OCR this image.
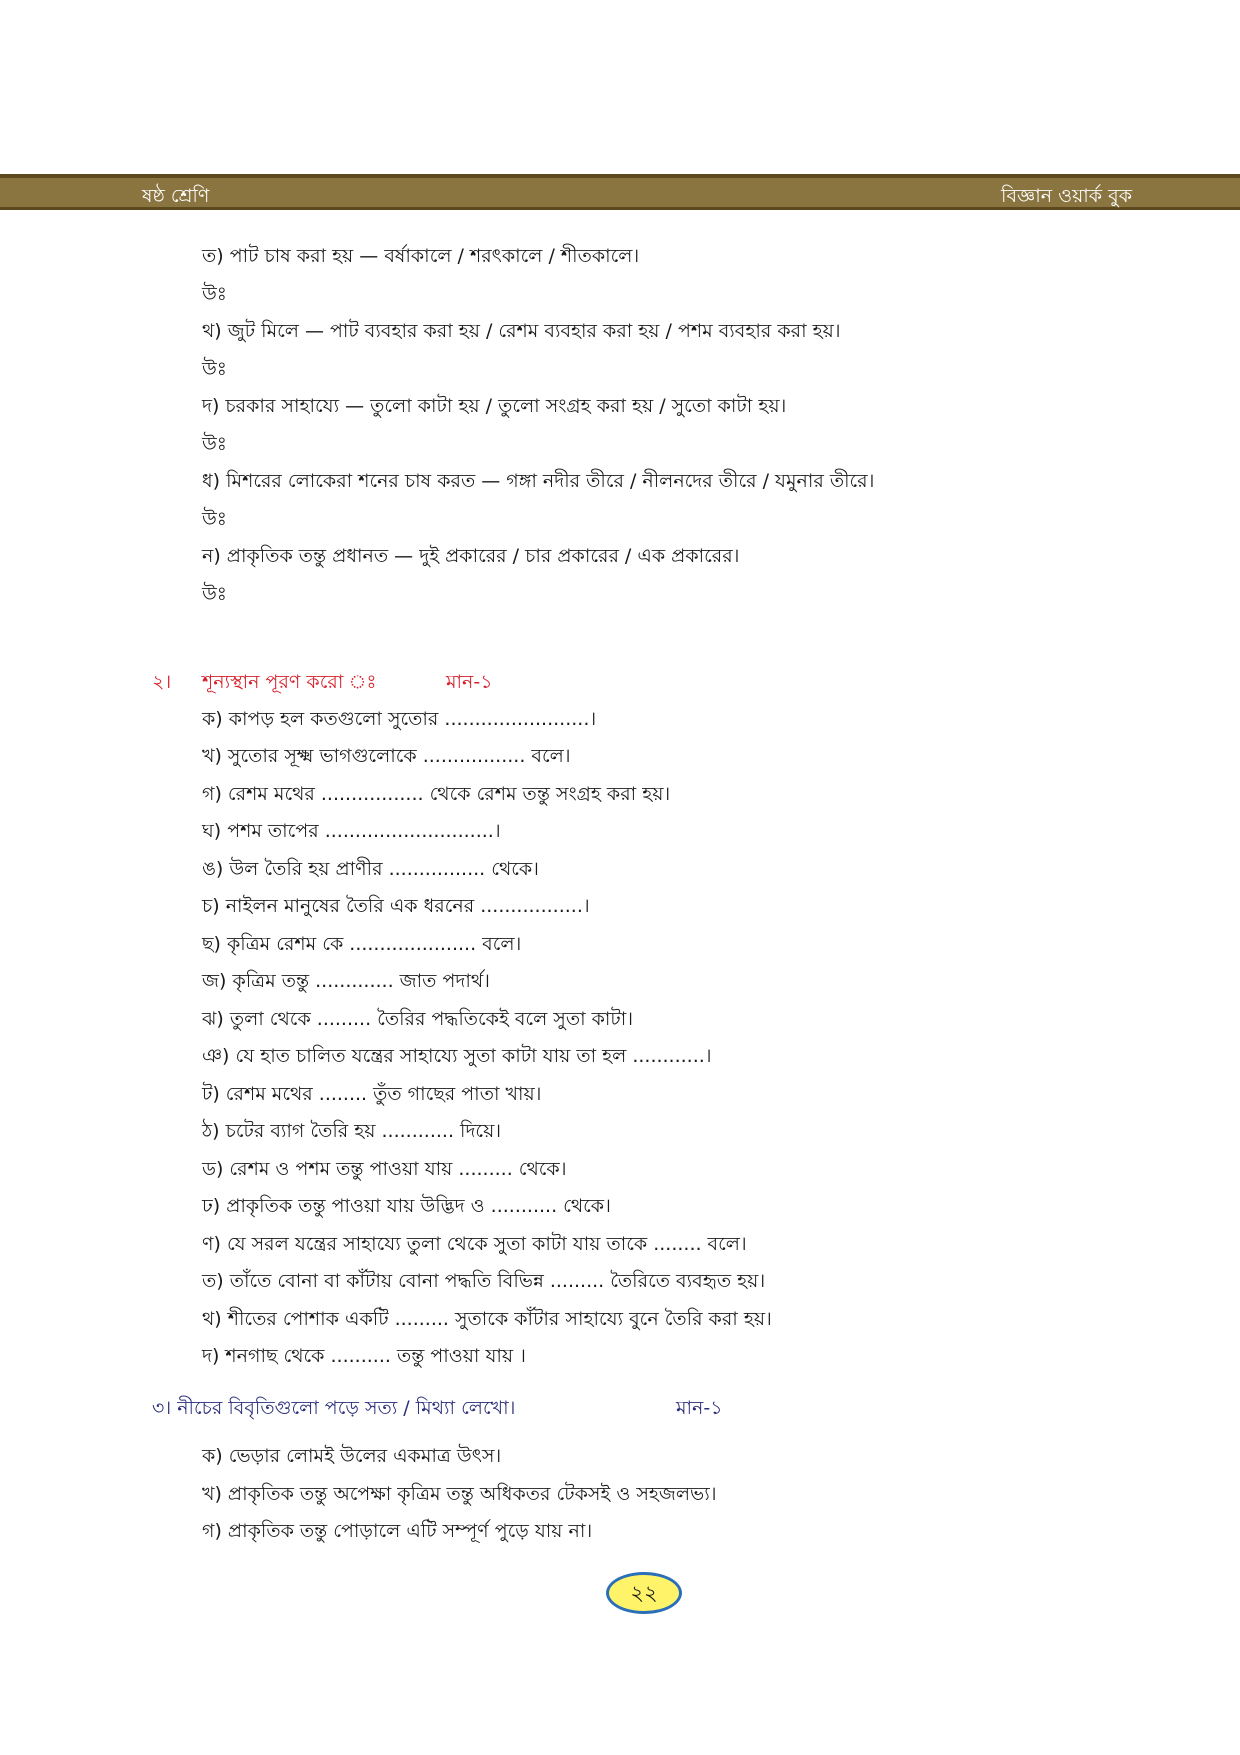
ষষ্ঠ শ্রেণি	বিজ্ঞান ওয়ার্ক বুক
ত) পাট চাষ করা হয় — বর্ষাকালে / শরৎকালে / শীতকালে।
উঃ
থ) জুট মিলে — পাট ব্যবহার করা হয় / রেশম ব্যবহার করা হয় / পশম ব্যবহার করা হয়।
উঃ
দ) চরকার সাহায্যে — তুলো কাটা হয় / তুলো সংগ্রহ করা হয় / সুতো কাটা হয়।
উঃ
ধ) মিশরের লোকেরা শনের চাষ করত — গঙ্গা নদীর তীরে / নীলনদের তীরে / যমুনার তীরে।
উঃ
ন) প্রাকৃতিক তন্তু প্রধানত — দুই প্রকারের / চার প্রকারের / এক প্রকারের।
উঃ
২। শূন্যস্থান পূরণ করো ঃ	মান-১
ক) কাপড় হল কতগুলো সুতোর ........................।
খ) সুতোর সূক্ষ্ম ভাগগুলোকে ................. বলে।
গ) রেশম মথের ................. থেকে রেশম তন্তু সংগ্রহ করা হয়।
ঘ) পশম তাপের ............................।
ঙ) উল তৈরি হয় প্রাণীর ................ থেকে।
চ) নাইলন মানুষের তৈরি এক ধরনের .................।
ছ) কৃত্রিম রেশম কে ..................... বলে।
জ) কৃত্রিম তন্তু ............. জাত পদার্থ।
ঝ) তুলা থেকে ......... তৈরির পদ্ধতিকেই বলে সুতা কাটা।
ঞ) যে হাত চালিত যন্ত্রের সাহায্যে সুতা কাটা যায় তা হল ............।
ট) রেশম মথের ........ তুঁত গাছের পাতা খায়।
ঠ) চটের ব্যাগ তৈরি হয় ............ দিয়ে।
ড) রেশম ও পশম তন্তু পাওয়া যায় ......... থেকে।
ঢ) প্রাকৃতিক তন্তু পাওয়া যায় উদ্ভিদ ও ........... থেকে।
ণ) যে সরল যন্ত্রের সাহায্যে তুলা থেকে সুতা কাটা যায় তাকে ........ বলে।
ত) তাঁতে বোনা বা কাঁটায় বোনা পদ্ধতি বিভিন্ন ......... তৈরিতে ব্যবহৃত হয়।
থ) শীতের পোশাক একটি ......... সুতাকে কাঁটার সাহায্যে বুনে তৈরি করা হয়।
দ) শনগাছ থেকে .......... তন্তু পাওয়া যায় ।
৩। নীচের বিবৃতিগুলো পড়ে সত্য / মিথ্যা লেখো।	মান-১
ক) ভেড়ার লোমই উলের একমাত্র উৎস।
খ) প্রাকৃতিক তন্তু অপেক্ষা কৃত্রিম তন্তু অধিকতর টেকসই ও সহজলভ্য।
গ) প্রাকৃতিক তন্তু পোড়ালে এটি সম্পূর্ণ পুড়ে যায় না।
২২
